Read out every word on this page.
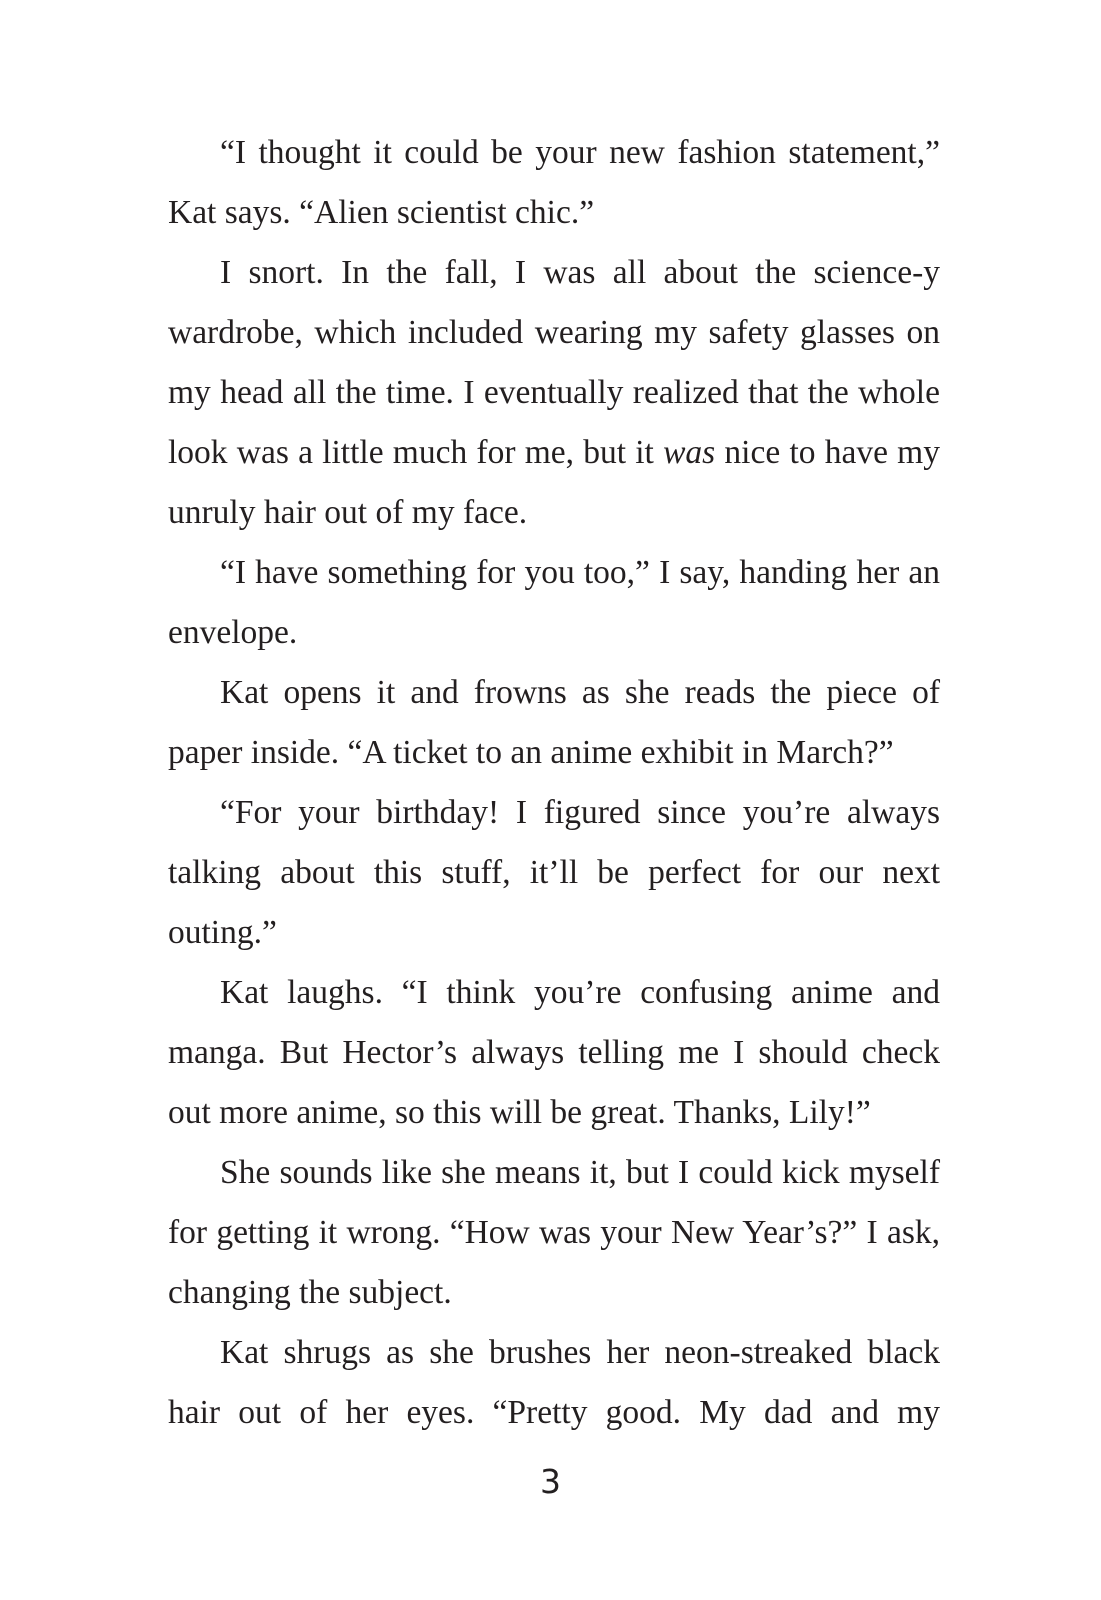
“I thought it could be your new fashion statement,” Kat says. “Alien scientist chic.”

I snort. In the fall, I was all about the science-y wardrobe, which included wearing my safety glasses on my head all the time. I eventually realized that the whole look was a little much for me, but it was nice to have my unruly hair out of my face.

“I have something for you too,” I say, handing her an envelope.

Kat opens it and frowns as she reads the piece of paper inside. “A ticket to an anime exhibit in March?”

“For your birthday! I figured since you’re always talking about this stuff, it’ll be perfect for our next outing.”

Kat laughs. “I think you’re confusing anime and manga. But Hector’s always telling me I should check out more anime, so this will be great. Thanks, Lily!”

She sounds like she means it, but I could kick myself for getting it wrong. “How was your New Year’s?” I ask, changing the subject.

Kat shrugs as she brushes her neon-streaked black hair out of her eyes. “Pretty good. My dad and my

3
